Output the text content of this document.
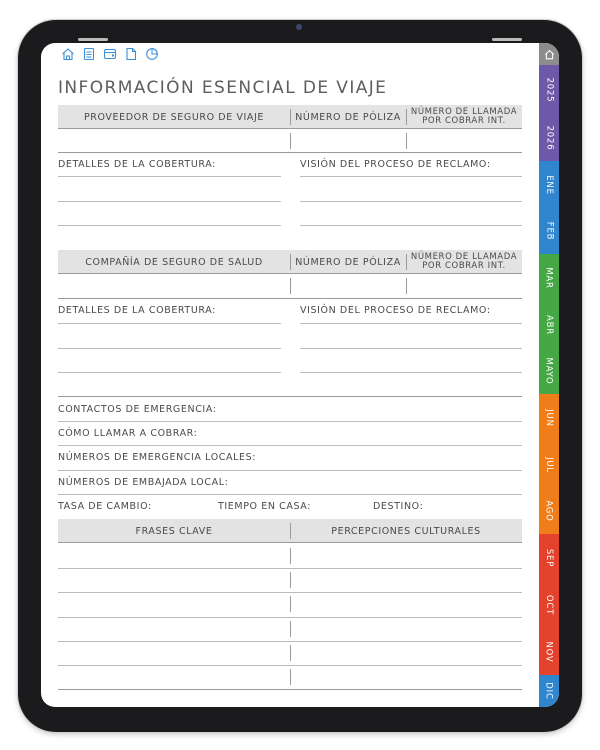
INFORMACIÓN ESENCIAL DE VIAJE
PROVEEDOR DE SEGURO DE VIAJE	NÚMERO DE PÓLIZA	NÚMERO DE LLAMADA POR COBRAR INT.
DETALLES DE LA COBERTURA:	VISIÓN DEL PROCESO DE RECLAMO:
COMPAÑÍA DE SEGURO DE SALUD	NÚMERO DE PÓLIZA	NÚMERO DE LLAMADA POR COBRAR INT.
DETALLES DE LA COBERTURA:	VISIÓN DEL PROCESO DE RECLAMO:
CONTACTOS DE EMERGENCIA:
CÓMO LLAMAR A COBRAR:
NÚMEROS DE EMERGENCIA LOCALES:
NÚMEROS DE EMBAJADA LOCAL:
TASA DE CAMBIO:	TIEMPO EN CASA:	DESTINO:
FRASES CLAVE	PERCEPCIONES CULTURALES
2025
2026
ENE
FEB
MAR
ABR
MAYO
JUN
JUL
AGO
SEP
OCT
NOV
DIC
